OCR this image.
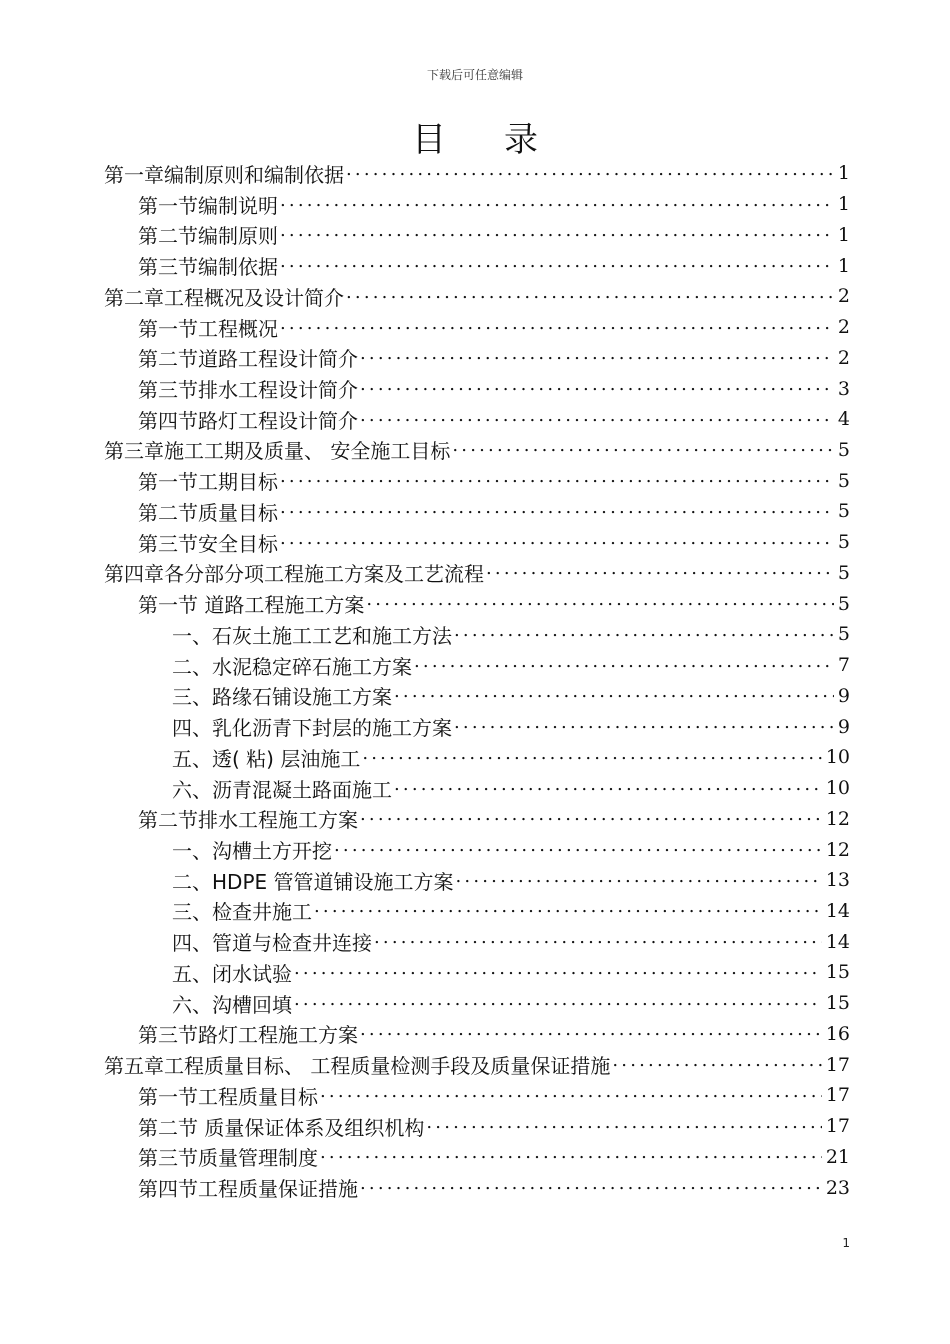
下载后可任意编辑
目录
第一章 编制原则和编制依据 .....	1
第一节 编制说明 .....	1
第二节 编制原则 .....	1
第三节 编制依据 .....	1
第二章 工程概况及设计简介 .....	2
第一节 工程概况 .....	2
第二节 道路工程设计简介 .....	2
第三节 排水工程设计简介 .....	3
第四节 路灯工程设计简介 .....	4
第三章 施工工期及质量、 安全施工目标 .....	5
第一节 工期目标 .....	5
第二节 质量目标 .....	5
第三节 安全目标 .....	5
第四章 各分部分项工程施工方案及工艺流程 .....	5
第一节 道路工程施工方案 .....	5
一、 石灰土施工工艺和施工方法 .....	5
二、 水泥稳定碎石施工方案 .....	7
三、 路缘石铺设施工方案 .....	9
四、 乳化沥青下封层的施工方案 .....	9
五、 透( 粘) 层油施工 .....	10
六、 沥青混凝土路面施工 .....	10
第二节 排水工程施工方案 .....	12
一、 沟槽土方开挖 .....	12
二、 HDPE 管管道铺设施工方案 .....	13
三、 检查井施工 .....	14
四、 管道与检查井连接 .....	14
五、 闭水试验 .....	15
六、 沟槽回填 .....	15
第三节 路灯工程施工方案 .....	16
第五章 工程质量目标、 工程质量检测手段及质量保证措施 .....	17
第一节 工程质量目标 .....	17
第二节 质量保证体系及组织机构 .....	17
第三节 质量管理制度 .....	21
第四节 工程质量保证措施 .....	23
1
